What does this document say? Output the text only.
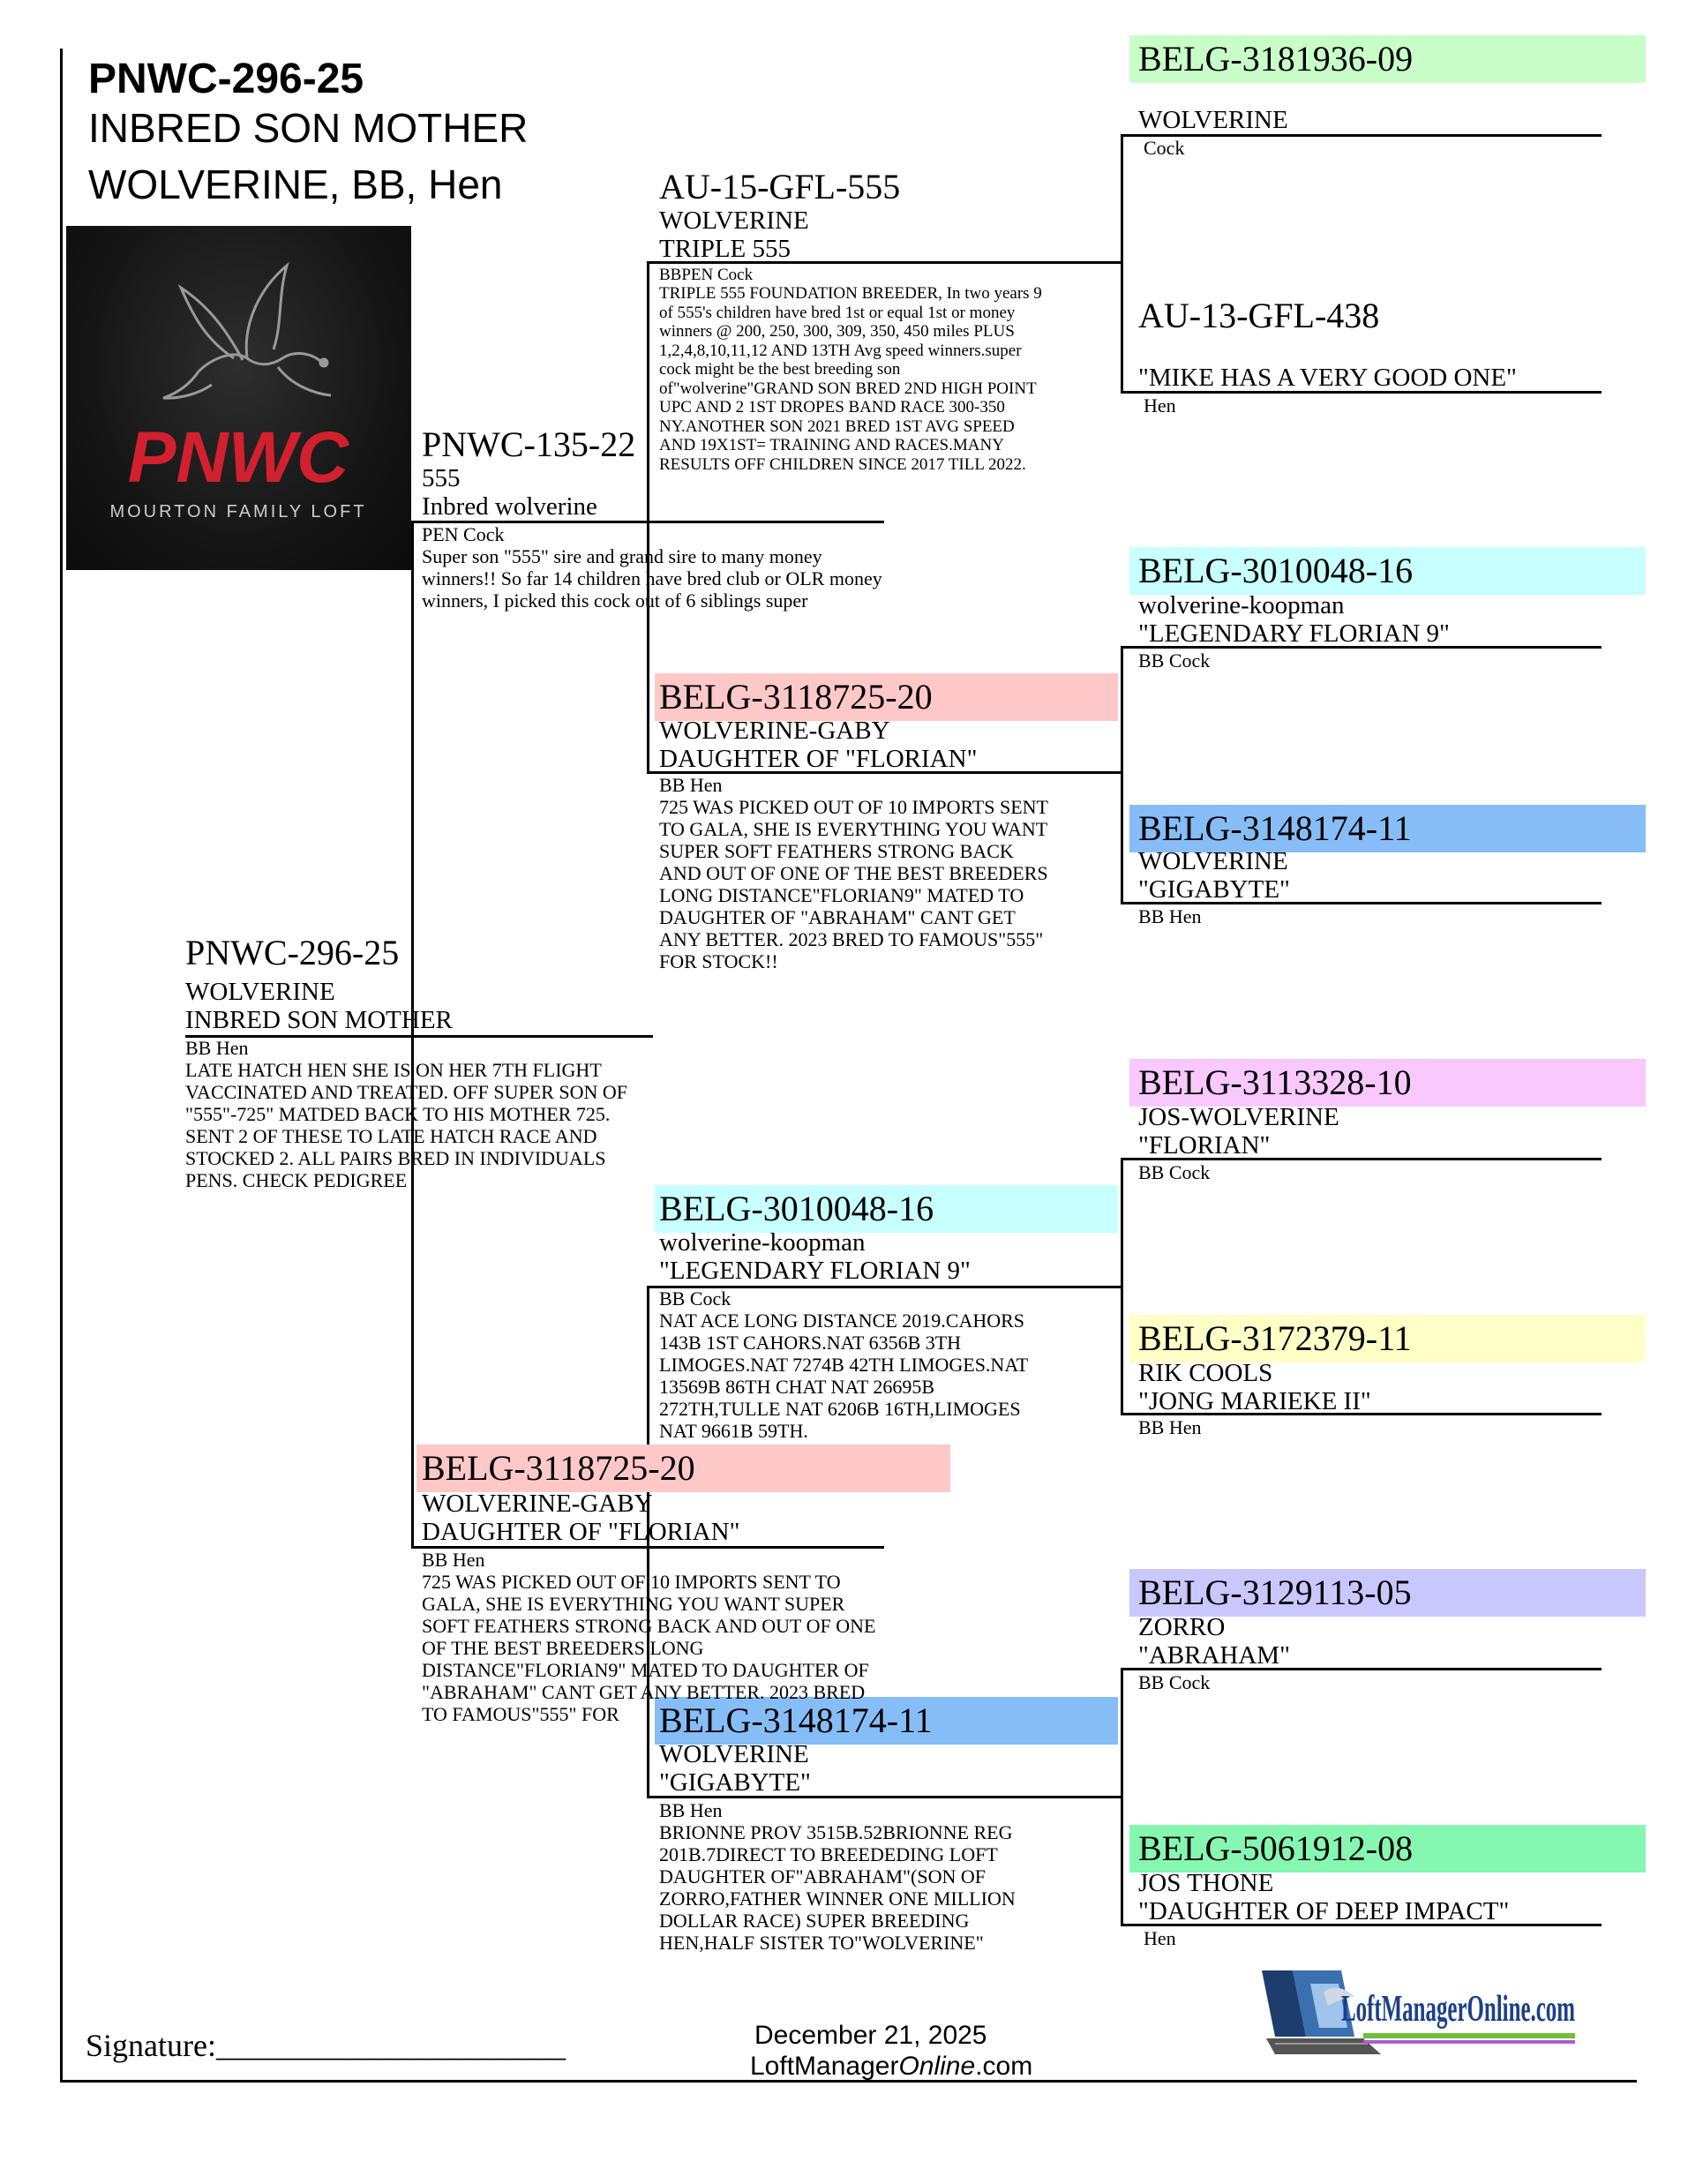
PNWC-296-25
INBRED SON MOTHER
WOLVERINE, BB, Hen
PNWC
MOURTON FAMILY LOFT
PNWC-296-25
WOLVERINE
INBRED SON MOTHER
BB Hen
LATE HATCH HEN SHE IS ON HER 7TH FLIGHT
VACCINATED AND TREATED. OFF SUPER SON OF
"555"-725" MATDED BACK TO HIS MOTHER 725.
SENT 2 OF THESE TO LATE HATCH RACE AND
STOCKED 2. ALL PAIRS BRED IN INDIVIDUALS
PENS. CHECK PEDIGREE
PNWC-135-22
555
Inbred wolverine
PEN Cock
Super son "555" sire and grand sire to many money
winners!! So far 14 children have bred club or OLR money
winners, I picked this cock out of 6 siblings super
BELG-3118725-20
WOLVERINE-GABY
DAUGHTER OF "FLORIAN"
BB Hen
725 WAS PICKED OUT OF 10 IMPORTS SENT TO
GALA, SHE IS EVERYTHING YOU WANT SUPER
SOFT FEATHERS STRONG BACK AND OUT OF ONE
OF THE BEST BREEDERS LONG
DISTANCE"FLORIAN9" MATED TO DAUGHTER OF
"ABRAHAM" CANT GET ANY BETTER. 2023 BRED
TO FAMOUS"555" FOR
AU-15-GFL-555
WOLVERINE
TRIPLE 555
BBPEN Cock
TRIPLE 555 FOUNDATION BREEDER, In two years 9
of 555's children have bred 1st or equal 1st or money
winners @ 200, 250, 300, 309, 350, 450 miles PLUS
1,2,4,8,10,11,12 AND 13TH Avg speed winners.super
cock might be the best breeding son
of"wolverine"GRAND SON BRED 2ND HIGH POINT
UPC AND 2 1ST DROPES BAND RACE 300-350
NY.ANOTHER SON 2021 BRED 1ST AVG SPEED
AND 19X1ST= TRAINING AND RACES.MANY
RESULTS OFF CHILDREN SINCE 2017 TILL 2022.
BELG-3118725-20
WOLVERINE-GABY
DAUGHTER OF "FLORIAN"
BB Hen
725 WAS PICKED OUT OF 10 IMPORTS SENT
TO GALA, SHE IS EVERYTHING YOU WANT
SUPER SOFT FEATHERS STRONG BACK
AND OUT OF ONE OF THE BEST BREEDERS
LONG DISTANCE"FLORIAN9" MATED TO
DAUGHTER OF "ABRAHAM" CANT GET
ANY BETTER. 2023 BRED TO FAMOUS"555"
FOR STOCK!!
BELG-3010048-16
wolverine-koopman
"LEGENDARY FLORIAN 9"
BB Cock
NAT ACE LONG DISTANCE 2019.CAHORS
143B 1ST CAHORS.NAT 6356B 3TH
LIMOGES.NAT 7274B 42TH LIMOGES.NAT
13569B 86TH CHAT NAT 26695B
272TH,TULLE NAT 6206B 16TH,LIMOGES
NAT 9661B 59TH.
BELG-3148174-11
WOLVERINE
"GIGABYTE"
BB Hen
BRIONNE PROV 3515B.52BRIONNE REG
201B.7DIRECT TO BREEDEDING LOFT
DAUGHTER OF"ABRAHAM"(SON OF
ZORRO,FATHER WINNER ONE MILLION
DOLLAR RACE) SUPER BREEDING
HEN,HALF SISTER TO"WOLVERINE"
BELG-3181936-09
WOLVERINE
Cock
AU-13-GFL-438
"MIKE HAS A VERY GOOD ONE"
Hen
BELG-3010048-16
wolverine-koopman
"LEGENDARY FLORIAN 9"
BB Cock
BELG-3148174-11
WOLVERINE
"GIGABYTE"
BB Hen
BELG-3113328-10
JOS-WOLVERINE
"FLORIAN"
BB Cock
BELG-3172379-11
RIK COOLS
"JONG MARIEKE II"
BB Hen
BELG-3129113-05
ZORRO
"ABRAHAM"
BB Cock
BELG-5061912-08
JOS THONE
"DAUGHTER OF DEEP IMPACT"
Hen
Signature:______________________	December 21, 2025
LoftManagerOnline.com
LoftManagerOnline.com
